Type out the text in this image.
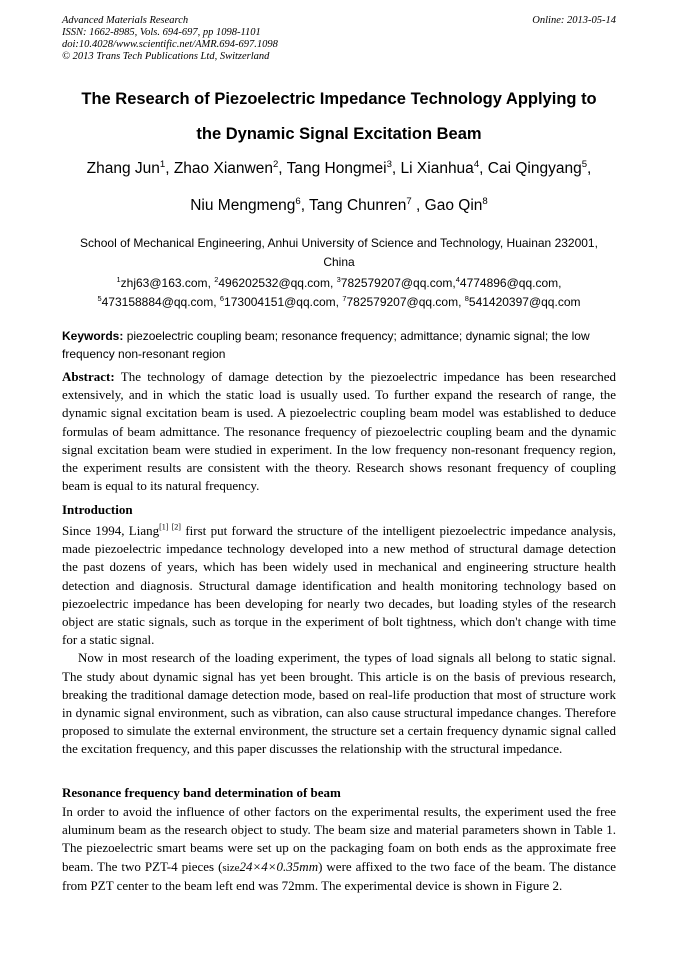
Advanced Materials Research
ISSN: 1662-8985, Vols. 694-697, pp 1098-1101
doi:10.4028/www.scientific.net/AMR.694-697.1098
© 2013 Trans Tech Publications Ltd, Switzerland
Online: 2013-05-14
The Research of Piezoelectric Impedance Technology Applying to
the Dynamic Signal Excitation Beam
Zhang Jun$^1$, Zhao Xianwen$^2$, Tang Hongmei$^3$, Li Xianhua$^4$, Cai Qingyang$^5$,
Niu Mengmeng$^6$, Tang Chunren$^7$ , Gao Qin$^8$
School of Mechanical Engineering, Anhui University of Science and Technology, Huainan 232001,
China
$^1$zhj63@163.com, $^2$496202532@qq.com, $^3$782579207@qq.com,$^4$4774896@qq.com,
$^5$473158884@qq.com, $^6$173004151@qq.com, $^7$782579207@qq.com, $^8$541420397@qq.com
Keywords: piezoelectric coupling beam; resonance frequency; admittance; dynamic signal; the low frequency non-resonant region
Abstract: The technology of damage detection by the piezoelectric impedance has been researched extensively, and in which the static load is usually used. To further expand the research of range, the dynamic signal excitation beam is used. A piezoelectric coupling beam model was established to deduce formulas of beam admittance. The resonance frequency of piezoelectric coupling beam and the dynamic signal excitation beam were studied in experiment. In the low frequency non-resonant frequency region, the experiment results are consistent with the theory. Research shows resonant frequency of coupling beam is equal to its natural frequency.
Introduction
Since 1994, Liang[1] [2] first put forward the structure of the intelligent piezoelectric impedance analysis, made piezoelectric impedance technology developed into a new method of structural damage detection the past dozens of years, which has been widely used in mechanical and engineering structure health detection and diagnosis. Structural damage identification and health monitoring technology based on piezoelectric impedance has been developing for nearly two decades, but loading styles of the research object are static signals, such as torque in the experiment of bolt tightness, which don't change with time for a static signal.
Now in most research of the loading experiment, the types of load signals all belong to static signal. The study about dynamic signal has yet been brought. This article is on the basis of previous research, breaking the traditional damage detection mode, based on real-life production that most of structure work in dynamic signal environment, such as vibration, can also cause structural impedance changes. Therefore proposed to simulate the external environment, the structure set a certain frequency dynamic signal called the excitation frequency, and this paper discusses the relationship with the structural impedance.
Resonance frequency band determination of beam
In order to avoid the influence of other factors on the experimental results, the experiment used the free aluminum beam as the research object to study. The beam size and material parameters shown in Table 1. The piezoelectric smart beams were set up on the packaging foam on both ends as the approximate free beam. The two PZT-4 pieces (size24×4×0.35mm) were affixed to the two face of the beam. The distance from PZT center to the beam left end was 72mm. The experimental device is shown in Figure 2.
